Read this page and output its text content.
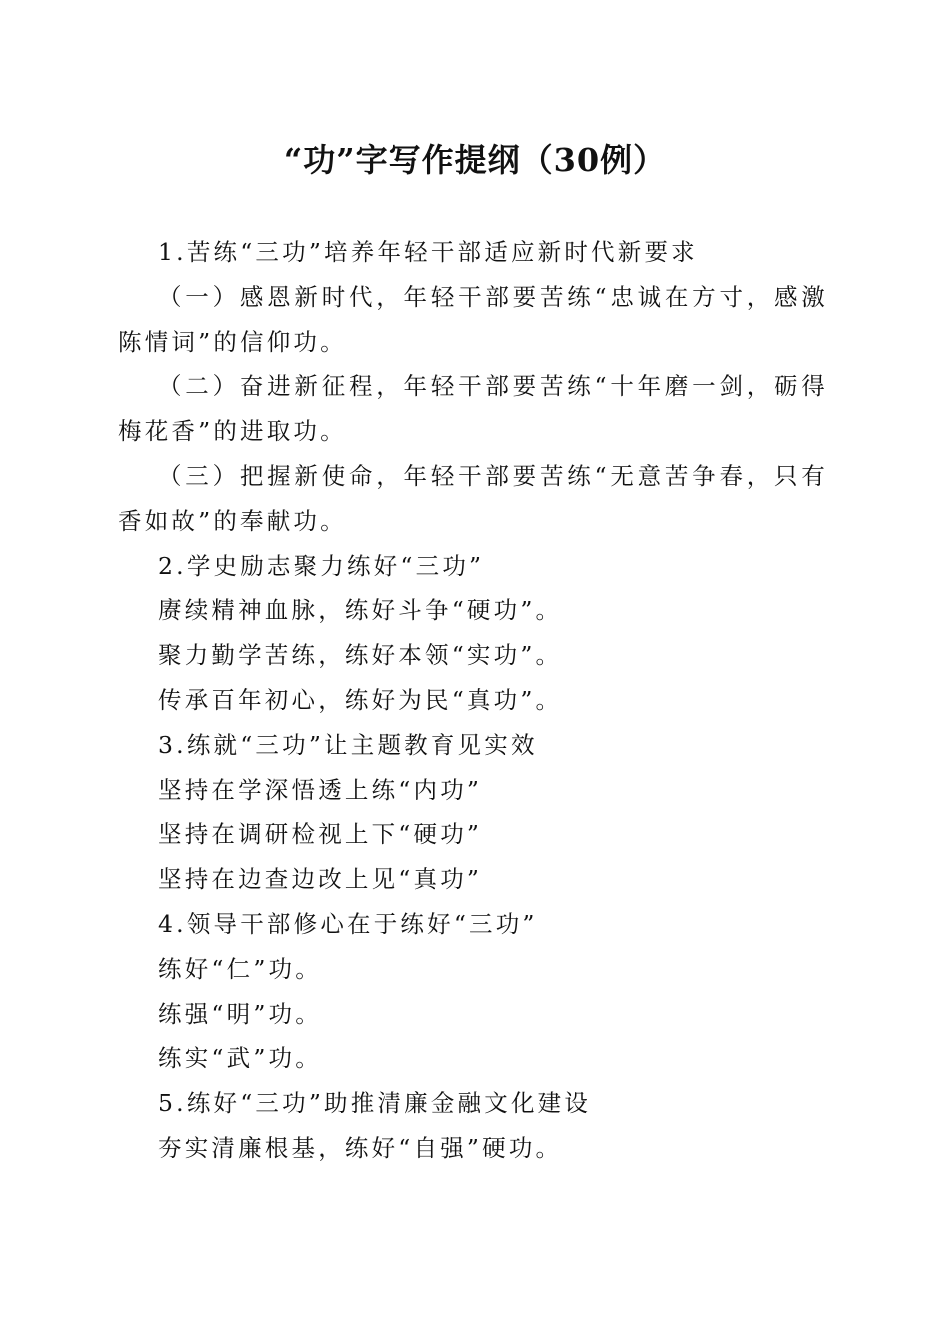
“功”字写作提纲（30例）
1.苦练“三功”培养年轻干部适应新时代新要求
（一）感恩新时代，年轻干部要苦练“忠诚在方寸，感激陈情词”的信仰功。
（二）奋进新征程，年轻干部要苦练“十年磨一剑，砺得梅花香”的进取功。
（三）把握新使命，年轻干部要苦练“无意苦争春，只有香如故”的奉献功。
2.学史励志聚力练好“三功”
赓续精神血脉，练好斗争“硬功”。
聚力勤学苦练，练好本领“实功”。
传承百年初心，练好为民“真功”。
3.练就“三功”让主题教育见实效
坚持在学深悟透上练“内功”
坚持在调研检视上下“硬功”
坚持在边查边改上见“真功”
4.领导干部修心在于练好“三功”
练好“仁”功。
练强“明”功。
练实“武”功。
5.练好“三功”助推清廉金融文化建设
夯实清廉根基，练好“自强”硬功。
